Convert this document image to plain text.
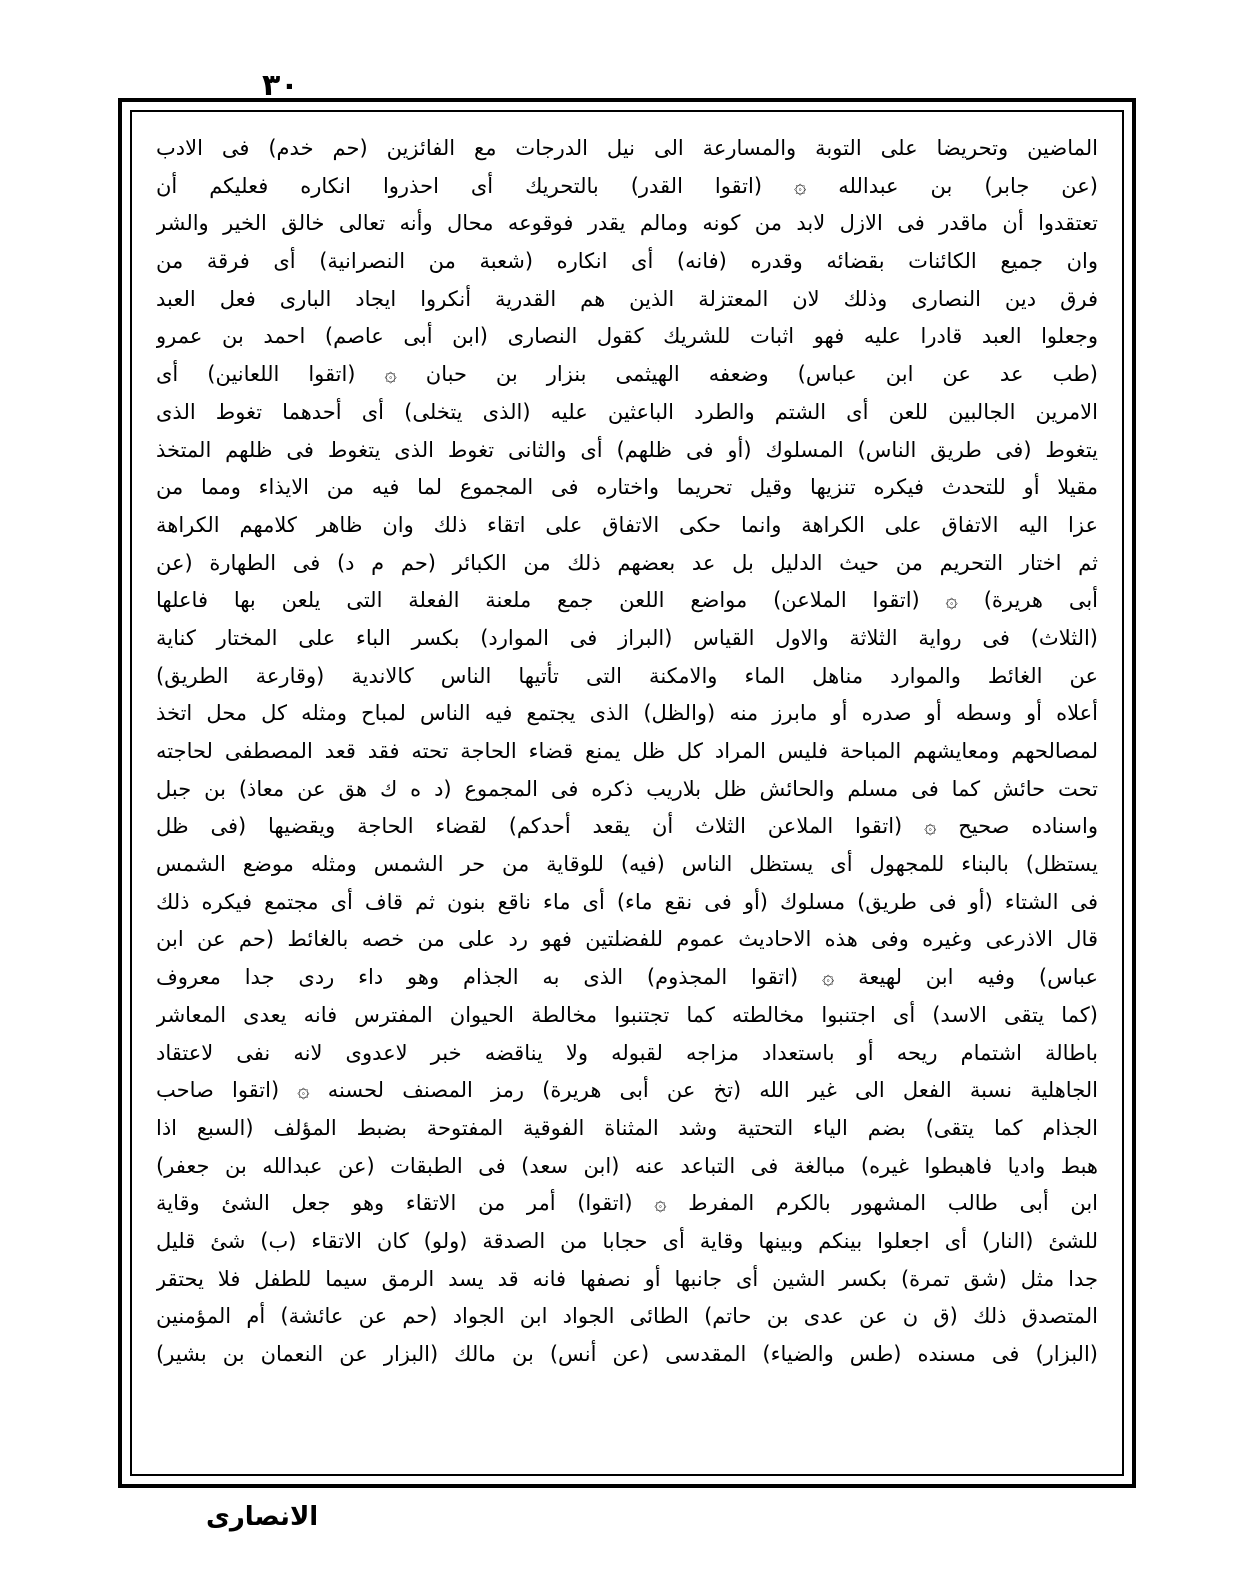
٣٠
الماضين وتحريضا على التوبة والمسارعة الى نيل الدرجات مع الفائزين (حم خدم) فى الادب
(عن جابر) بن عبدالله ۞ (اتقوا القدر) بالتحريك أى احذروا انكاره فعليكم أن
تعتقدوا أن ماقدر فى الازل لابد من كونه ومالم يقدر فوقوعه محال وأنه تعالى خالق الخير والشر
وان جميع الكائنات بقضائه وقدره (فانه) أى انكاره (شعبة من النصرانية) أى فرقة من
فرق دين النصارى وذلك لان المعتزلة الذين هم القدرية أنكروا ايجاد البارى فعل العبد
وجعلوا العبد قادرا عليه فهو اثبات للشريك كقول النصارى (ابن أبى عاصم) احمد بن عمرو
(طب عد عن ابن عباس) وضعفه الهيثمى بنزار بن حبان ۞ (اتقوا اللعانين) أى
الامرين الجالبين للعن أى الشتم والطرد الباعثين عليه (الذى يتخلى) أى أحدهما تغوط الذى
يتغوط (فى طريق الناس) المسلوك (أو فى ظلهم) أى والثانى تغوط الذى يتغوط فى ظلهم المتخذ
مقيلا أو للتحدث فيكره تنزيها وقيل تحريما واختاره فى المجموع لما فيه من الايذاء ومما من
عزا اليه الاتفاق على الكراهة وانما حكى الاتفاق على اتقاء ذلك وان ظاهر كلامهم الكراهة
ثم اختار التحريم من حيث الدليل بل عد بعضهم ذلك من الكبائر (حم م د) فى الطهارة (عن
أبى هريرة) ۞ (اتقوا الملاعن) مواضع اللعن جمع ملعنة الفعلة التى يلعن بها فاعلها
(الثلاث) فى رواية الثلاثة والاول القياس (البراز فى الموارد) بكسر الباء على المختار كناية
عن الغائط والموارد مناهل الماء والامكنة التى تأتيها الناس كالاندية (وقارعة الطريق)
أعلاه أو وسطه أو صدره أو مابرز منه (والظل) الذى يجتمع فيه الناس لمباح ومثله كل محل اتخذ
لمصالحهم ومعايشهم المباحة فليس المراد كل ظل يمنع قضاء الحاجة تحته فقد قعد المصطفى لحاجته
تحت حائش كما فى مسلم والحائش ظل بلاريب ذكره فى المجموع (د ه ك هق عن معاذ) بن جبل
واسناده صحيح ۞ (اتقوا الملاعن الثلاث أن يقعد أحدكم) لقضاء الحاجة ويقضيها (فى ظل
يستظل) بالبناء للمجهول أى يستظل الناس (فيه) للوقاية من حر الشمس ومثله موضع الشمس
فى الشتاء (أو فى طريق) مسلوك (أو فى نقع ماء) أى ماء ناقع بنون ثم قاف أى مجتمع فيكره ذلك
قال الاذرعى وغيره وفى هذه الاحاديث عموم للفضلتين فهو رد على من خصه بالغائط (حم عن ابن
عباس) وفيه ابن لهيعة ۞ (اتقوا المجذوم) الذى به الجذام وهو داء ردى جدا معروف
(كما يتقى الاسد) أى اجتنبوا مخالطته كما تجتنبوا مخالطة الحيوان المفترس فانه يعدى المعاشر
باطالة اشتمام ريحه أو باستعداد مزاجه لقبوله ولا يناقضه خبر لاعدوى لانه نفى لاعتقاد
الجاهلية نسبة الفعل الى غير الله (تخ عن أبى هريرة) رمز المصنف لحسنه ۞ (اتقوا صاحب
الجذام كما يتقى) بضم الياء التحتية وشد المثناة الفوقية المفتوحة بضبط المؤلف (السبع اذا
هبط واديا فاهبطوا غيره) مبالغة فى التباعد عنه (ابن سعد) فى الطبقات (عن عبدالله بن جعفر)
ابن أبى طالب المشهور بالكرم المفرط ۞ (اتقوا) أمر من الاتقاء وهو جعل الشئ وقاية
للشئ (النار) أى اجعلوا بينكم وبينها وقاية أى حجابا من الصدقة (ولو) كان الاتقاء (ب) شئ قليل
جدا مثل (شق تمرة) بكسر الشين أى جانبها أو نصفها فانه قد يسد الرمق سيما للطفل فلا يحتقر
المتصدق ذلك (ق ن عن عدى بن حاتم) الطائى الجواد ابن الجواد (حم عن عائشة) أم المؤمنين
(البزار) فى مسنده (طس والضياء) المقدسى (عن أنس) بن مالك (البزار عن النعمان بن بشير)
الانصارى
